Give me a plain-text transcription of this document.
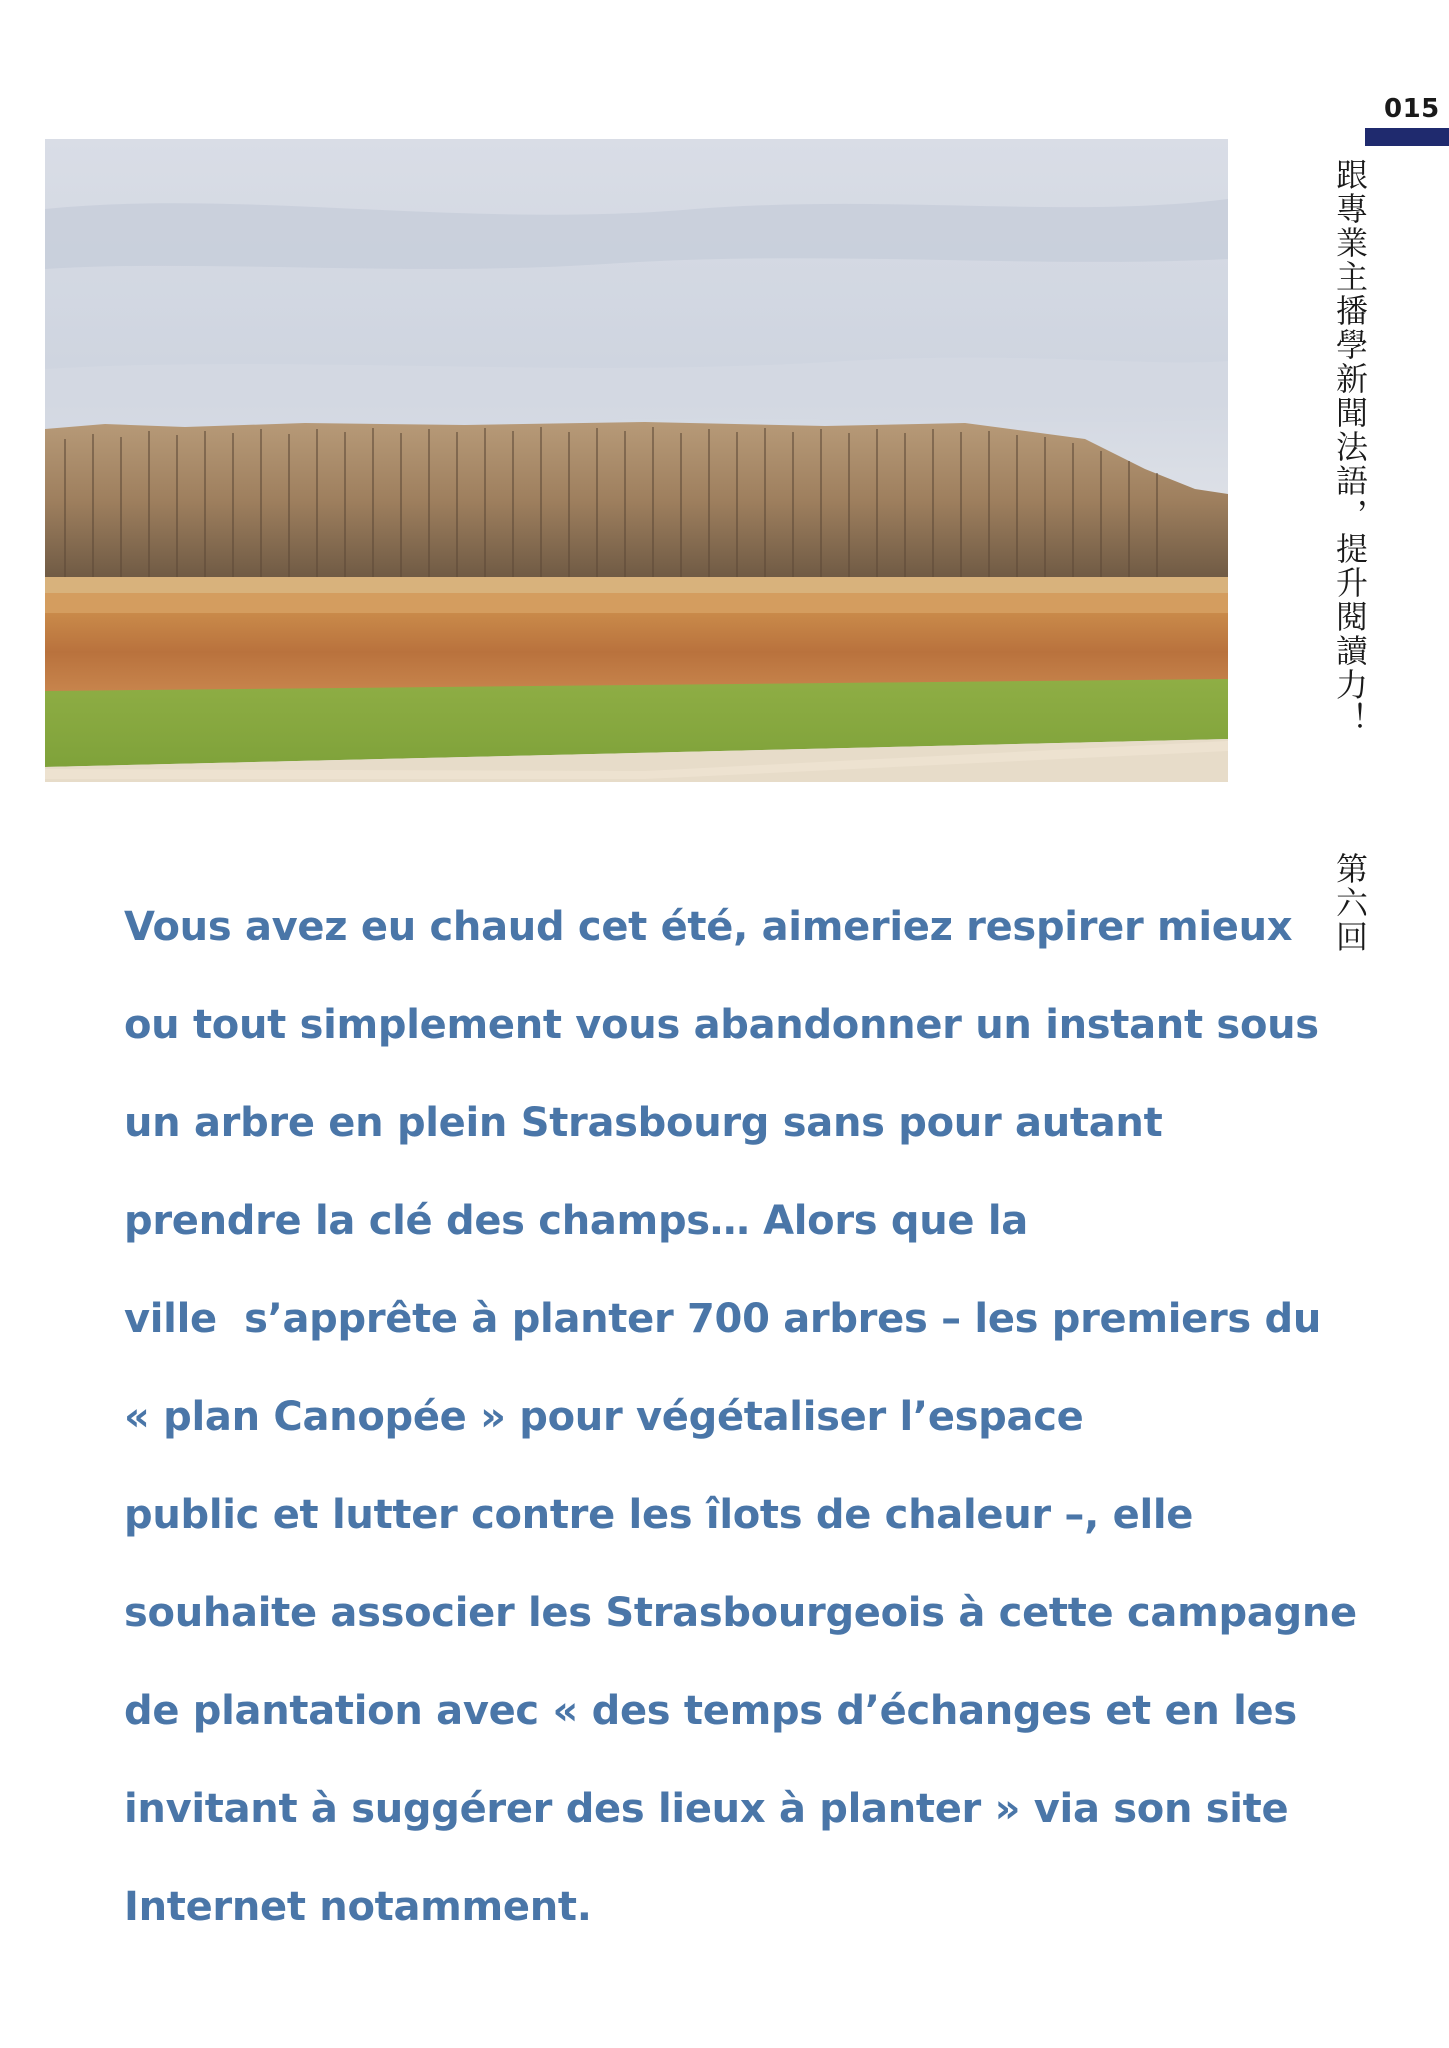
015
跟專業主播學新聞法語，提升閱讀力！
第六回
Vous avez eu chaud cet été, aimeriez respirer mieux
ou tout simplement vous abandonner un instant sous
un arbre en plein Strasbourg sans pour autant
prendre la clé des champs… Alors que la
ville  s’apprête à planter 700 arbres – les premiers du
« plan Canopée » pour végétaliser l’espace
public et lutter contre les îlots de chaleur –, elle
souhaite associer les Strasbourgeois à cette campagne
de plantation avec « des temps d’échanges et en les
invitant à suggérer des lieux à planter » via son site
Internet notamment.
